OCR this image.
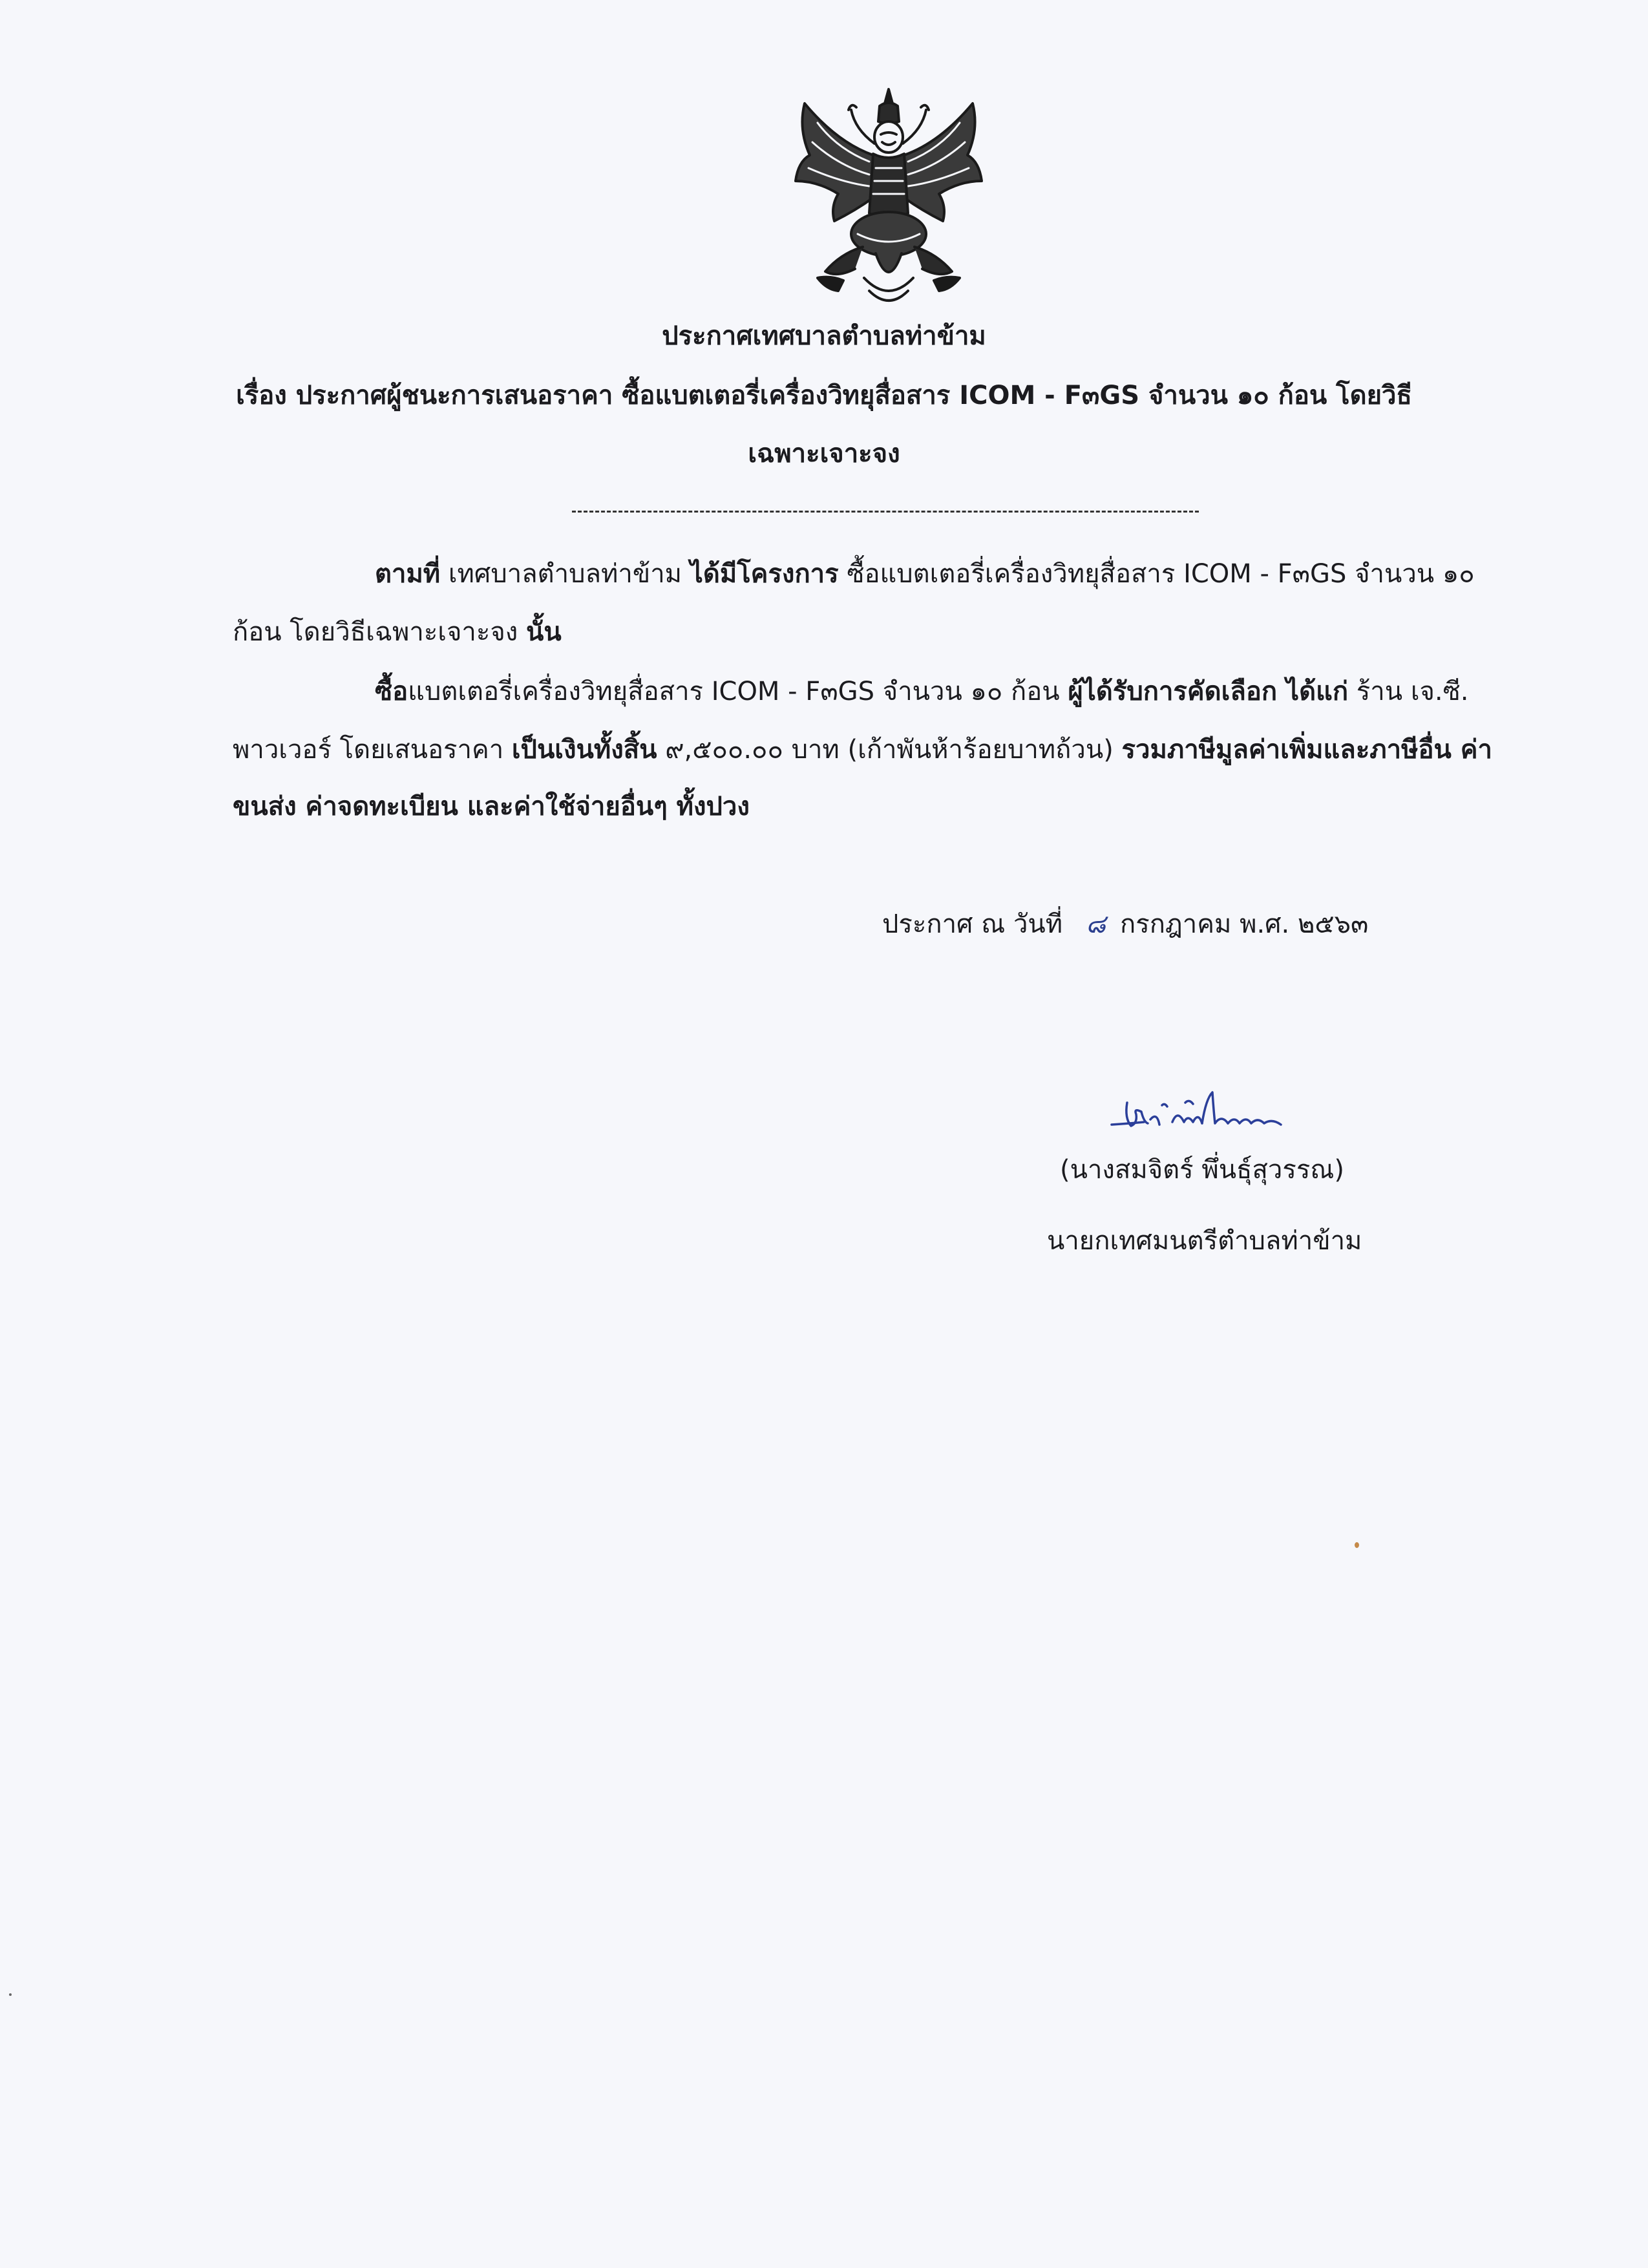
ประกาศเทศบาลตำบลท่าข้าม
เรื่อง ประกาศผู้ชนะการเสนอราคา ซื้อแบตเตอรี่เครื่องวิทยุสื่อสาร ICOM - F๓GS จำนวน ๑๐ ก้อน โดยวิธี
เฉพาะเจาะจง
ตามที่ เทศบาลตำบลท่าข้าม ได้มีโครงการ ซื้อแบตเตอรี่เครื่องวิทยุสื่อสาร ICOM - F๓GS จำนวน ๑๐
ก้อน โดยวิธีเฉพาะเจาะจง นั้น
ซื้อแบตเตอรี่เครื่องวิทยุสื่อสาร ICOM - F๓GS จำนวน ๑๐ ก้อน ผู้ได้รับการคัดเลือก ได้แก่ ร้าน เจ.ซี.
พาวเวอร์ โดยเสนอราคา เป็นเงินทั้งสิ้น ๙,๕๐๐.๐๐ บาท (เก้าพันห้าร้อยบาทถ้วน) รวมภาษีมูลค่าเพิ่มและภาษีอื่น ค่า
ขนส่ง ค่าจดทะเบียน และค่าใช้จ่ายอื่นๆ ทั้งปวง
ประกาศ ณ วันที่ ๘ กรกฎาคม พ.ศ. ๒๕๖๓
(นางสมจิตร์ พึ่นธุ์สุวรรณ)
นายกเทศมนตรีตำบลท่าข้าม
